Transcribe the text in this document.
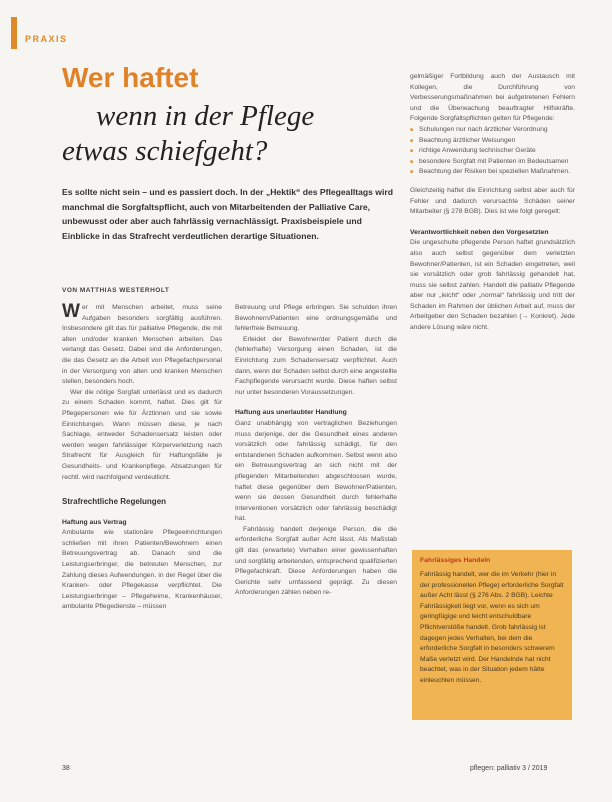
PRAXIS
Wer haftet
wenn in der Pflege
etwas schiefgeht?
Es sollte nicht sein – und es passiert doch. In der „Hektik“ des Pflegealltags wird manchmal die Sorgfaltspflicht, auch von Mitarbeitenden der Palliative Care, unbewusst oder aber auch fahrlässig vernachlässigt. Praxisbeispiele und Einblicke in das Strafrecht verdeutlichen derartige Situationen.
VON MATTHIAS WESTERHOLT

Wer mit Menschen arbeitet, muss seine Aufgaben besonders sorgfältig ausführen. Insbesondere gilt das für palliative Pflegende, die mit alten und/oder kranken Menschen arbeiten. Das verlangt das Gesetz. Dabei sind die Anforderungen, die das Gesetz an die Arbeit von Pflegefachpersonal in der Versorgung von alten und kranken Menschen stellen, besonders hoch.

Wer die nötige Sorgfalt unterlässt und es dadurch zu einem Schaden kommt, haftet. Dies gilt für Pflegepersonen wie für Ärztinnen und sie sowie Einrichtungen. Wann müssen diese, je nach Sachlage, entweder Schadensersatz leisten oder werden wegen fahrlässiger Körperverletzung nach Strafrecht für Ausgleich für Haftungsfälle je Gesundheits- und Krankenpflege. Absatzungen für rechtl. wird nachfolgend verdeutlicht.

Strafrechtliche Regelungen

Haftung aus Vertrag

Ambulante wie stationäre Pflegeeinrichtungen schließen mit ihren Patienten/Bewohnern einen Betreuungsvertrag ab. Danach sind die Leistungserbringer, die betreuten Menschen, zur Zahlung dieses Aufwendungen, in der Regel über die Kranken- oder Pflegekasse verpflichtet. Die Leistungserbringer – Pflegeheime, Krankenhäuser, ambulante Pflegedienste – müssen

Betreuung und Pflege erbringen. Sie schulden ihren Bewohnern/Patienten eine ordnungsgemäße und fehlerfreie Betreuung.

Erleidet der Bewohner/der Patient durch die (fehlerhafte) Versorgung einen Schaden, ist die Einrichtung zum Schadensersatz verpflichtet. Auch dann, wenn der Schaden selbst durch eine angestellte Fachpflegende verursacht wurde. Diese haften selbst nur unter besonderen Voraussetzungen.

Haftung aus unerlaubter Handlung

Ganz unabhängig von vertraglichen Beziehungen muss derjenige, der die Gesundheit eines anderen vorsätzlich oder fahrlässig schädigt, für den entstandenen Schaden aufkommen. Selbst wenn also ein Betreuungsvertrag an sich nicht mit der pflegenden Mitarbeitenden abgeschlossen wurde, haftet diese gegenüber dem Bewohner/Patienten, wenn sie dessen Gesundheit durch fehlerhafte Interventionen vorsätzlich oder fahrlässig beschädigt hat.

Fahrlässig handelt derjenige Person, die die erforderliche Sorgfalt außer Acht lässt. Als Maßstab gilt das (erwartete) Verhalten einer gewissenhaften und sorgfältig arbeitenden, entsprechend qualifizierten Pflegefachkraft. Diese Anforderungen haben die Gerichte sehr umfassend geprägt. Zu diesen Anforderungen zählen neben re-

gelmäßiger Fortbildung auch der Austausch mit Kollegen, die Durchführung von Verbesserungsmaßnahmen bei aufgetretenen Fehlern und die Überwachung beauftragter Hilfskräfte. Folgende Sorgfaltspflichten gelten für Pflegende:

■ Schulungen nur nach ärztlicher Verordnung
■ Beachtung ärztlicher Weisungen
■ richtige Anwendung technischer Geräte
■ besondere Sorgfalt mit Patienten im Bedeutsamen
■ Beachtung der Risiken bei speziellen Maßnahmen.

Gleichzeitig haftet die Einrichtung selbst aber auch für Fehler und dadurch verursachte Schäden seiner Mitarbeiter (§ 278 BGB). Dies ist wie folgt geregelt:

Verantwortlichkeit neben den Vorgesetzten

Die ungeschulte pflegende Person haftet grundsätzlich also auch selbst gegenüber dem verletzten Bewohner/Patienten, ist ein Schaden eingetreten, weil sie vorsätzlich oder grob fahrlässig gehandelt hat, muss sie selbst zahlen. Handelt die palliativ Pflegende aber nur „leicht“ oder „normal“ fahrlässig und tritt der Schaden im Rahmen der üblichen Arbeit auf, muss der Arbeitgeber den Schaden bezahlen (→ Konkret). Jede andere Lösung wäre nicht.

Fahrlässiges Handeln
Fahrlässig handelt, wer die im Verkehr (hier in der professionellen Pflege) erforderliche Sorgfalt außer Acht lässt (§ 276 Abs. 2 BGB). Leichte Fahrlässigkeit liegt vor, wenn es sich um geringfügige und leicht entschuldbare Pflichtverstöße handelt. Grob fahrlässig ist dagegen jedes Verhalten, bei dem die erforderliche Sorgfalt in besonders schwerem Maße verletzt wird. Der Handelnde hat nicht beachtet, was in der Situation jedem hätte einleuchten müssen.
38	pflegen: palliativ 3 / 2019
